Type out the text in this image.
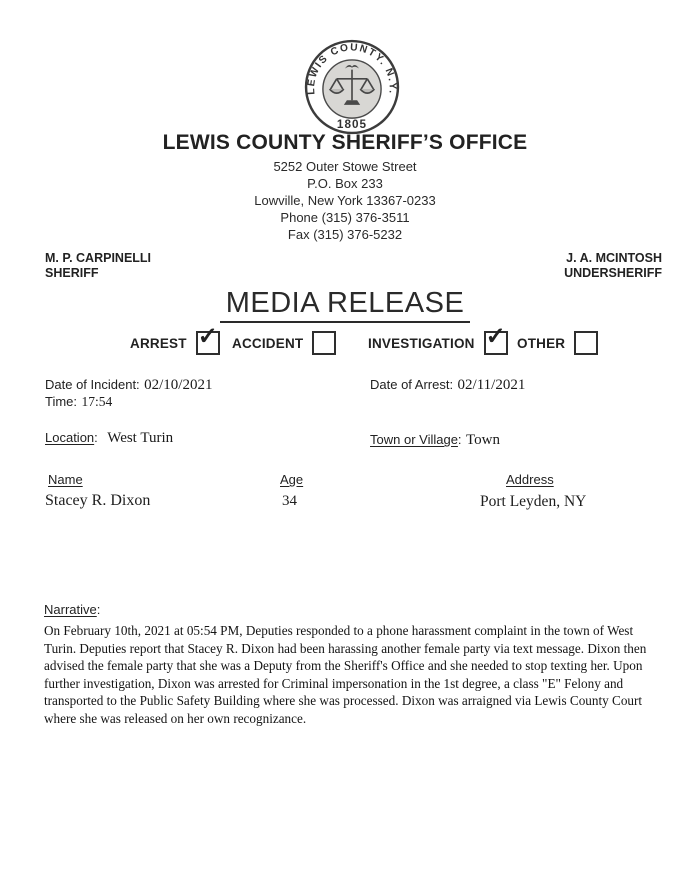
LEWIS COUNTY. N.Y.
1805
LEWIS COUNTY SHERIFF’S OFFICE
5252 Outer Stowe Street
P.O. Box 233
Lowville, New York 13367-0233
Phone (315) 376-3511
Fax (315) 376-5232
M. P. CARPINELLI
SHERIFF
J. A. MCINTOSH
UNDERSHERIFF
MEDIA RELEASE
ARREST ✓ ACCIDENT	INVESTIGATION ✓ OTHER
Date of Incident: 02/10/2021
Time: 17:54
Date of Arrest: 02/11/2021
Location: West Turin	Town or Village: Town
Name	Age	Address
Stacey R. Dixon	34	Port Leyden, NY
Narrative:
On February 10th, 2021 at 05:54 PM, Deputies responded to a phone harassment complaint in the town of West Turin. Deputies report that Stacey R. Dixon had been harassing another female party via text message. Dixon then advised the female party that she was a Deputy from the Sheriff's Office and she needed to stop texting her. Upon further investigation, Dixon was arrested for Criminal impersonation in the 1st degree, a class "E" Felony and transported to the Public Safety Building where she was processed. Dixon was arraigned via Lewis County Court where she was released on her own recognizance.
